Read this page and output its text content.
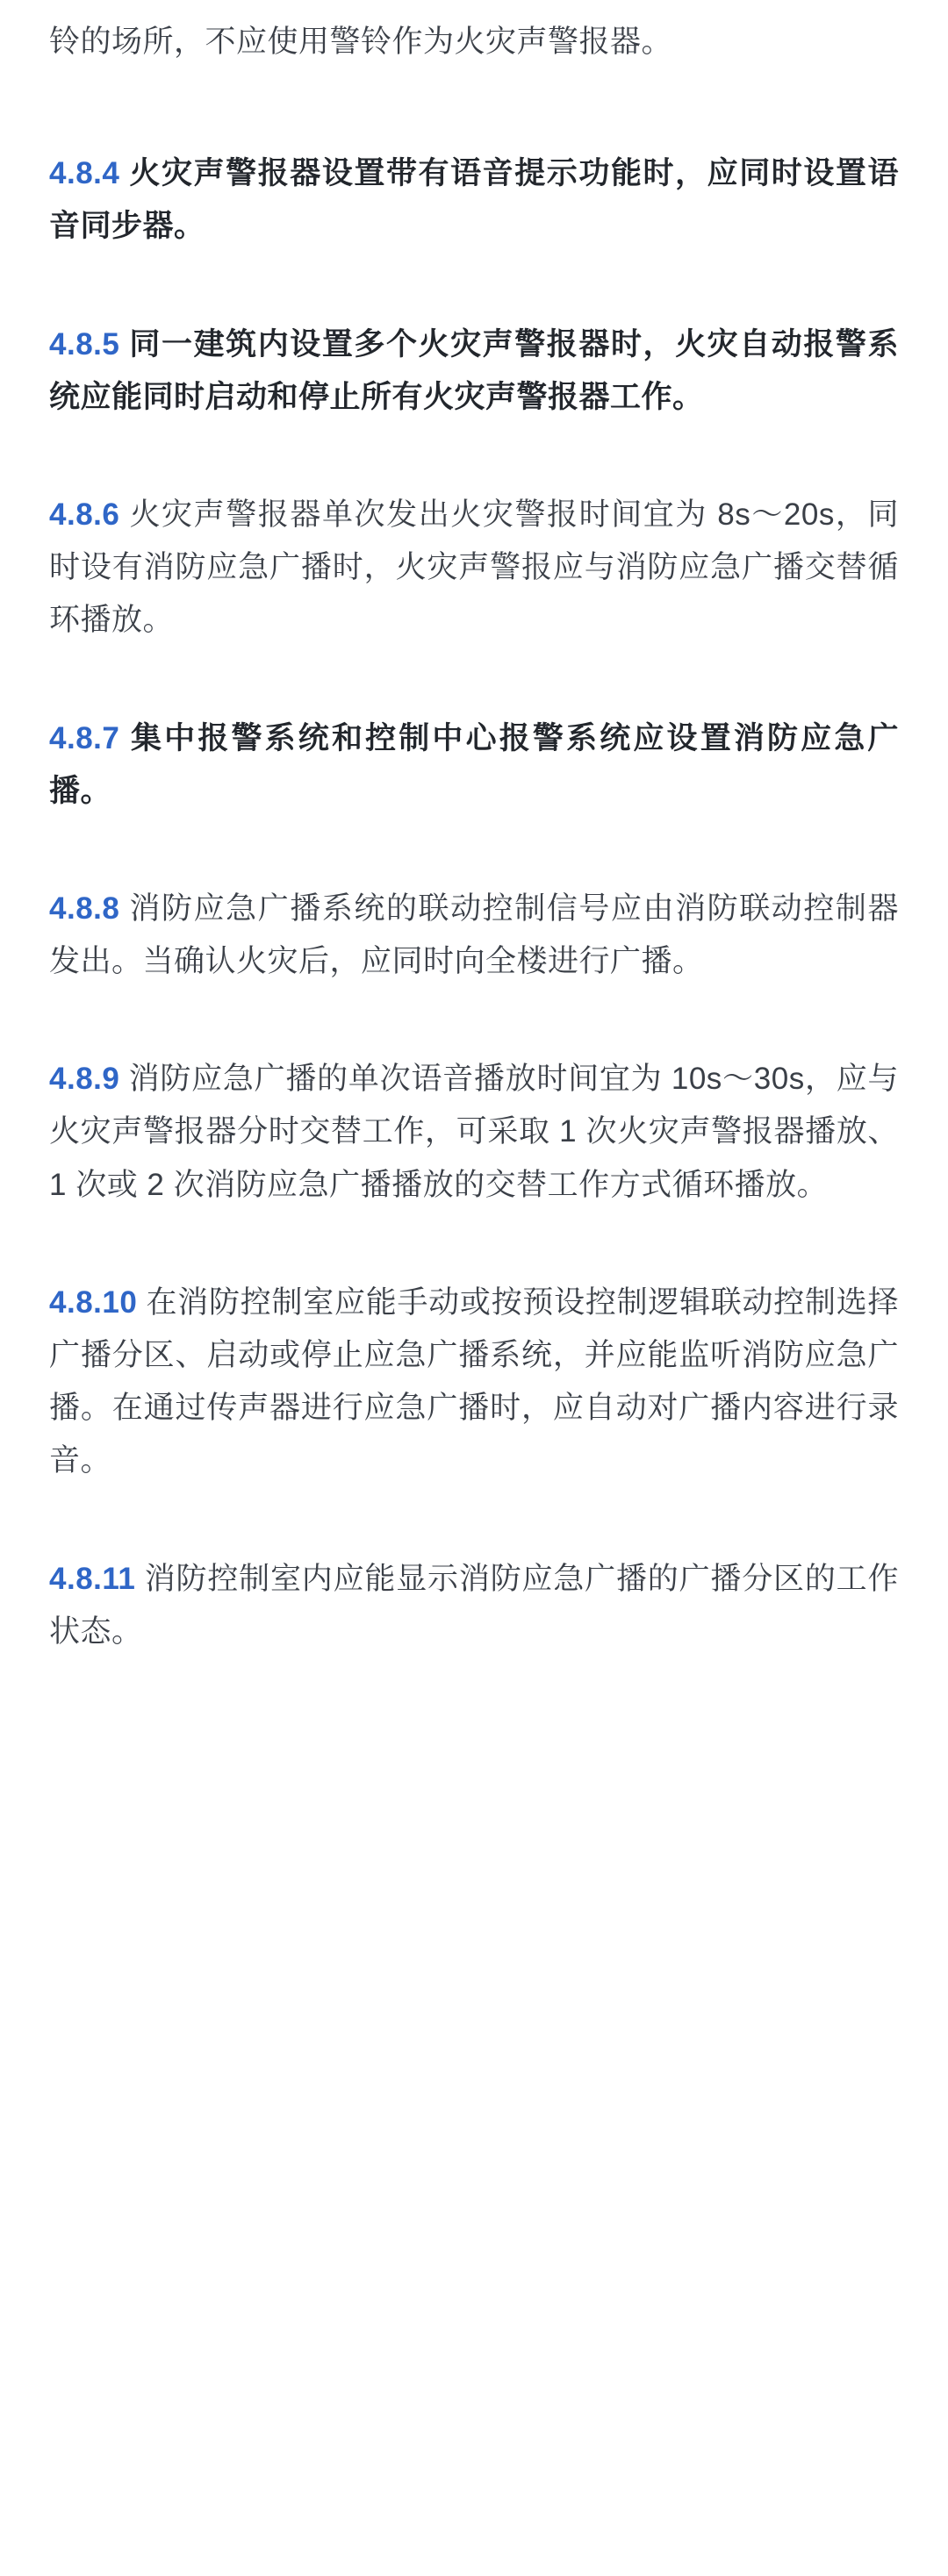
铃的场所，不应使用警铃作为火灾声警报器。

4.8.4 火灾声警报器设置带有语音提示功能时，应同时设置语音同步器。

4.8.5 同一建筑内设置多个火灾声警报器时，火灾自动报警系统应能同时启动和停止所有火灾声警报器工作。

4.8.6 火灾声警报器单次发出火灾警报时间宜为 8s～20s，同时设有消防应急广播时，火灾声警报应与消防应急广播交替循环播放。

4.8.7 集中报警系统和控制中心报警系统应设置消防应急广播。

4.8.8 消防应急广播系统的联动控制信号应由消防联动控制器发出。当确认火灾后，应同时向全楼进行广播。

4.8.9 消防应急广播的单次语音播放时间宜为 10s～30s，应与火灾声警报器分时交替工作，可采取 1 次火灾声警报器播放、1 次或 2 次消防应急广播播放的交替工作方式循环播放。

4.8.10 在消防控制室应能手动或按预设控制逻辑联动控制选择广播分区、启动或停止应急广播系统，并应能监听消防应急广播。在通过传声器进行应急广播时，应自动对广播内容进行录音。

4.8.11 消防控制室内应能显示消防应急广播的广播分区的工作状态。
